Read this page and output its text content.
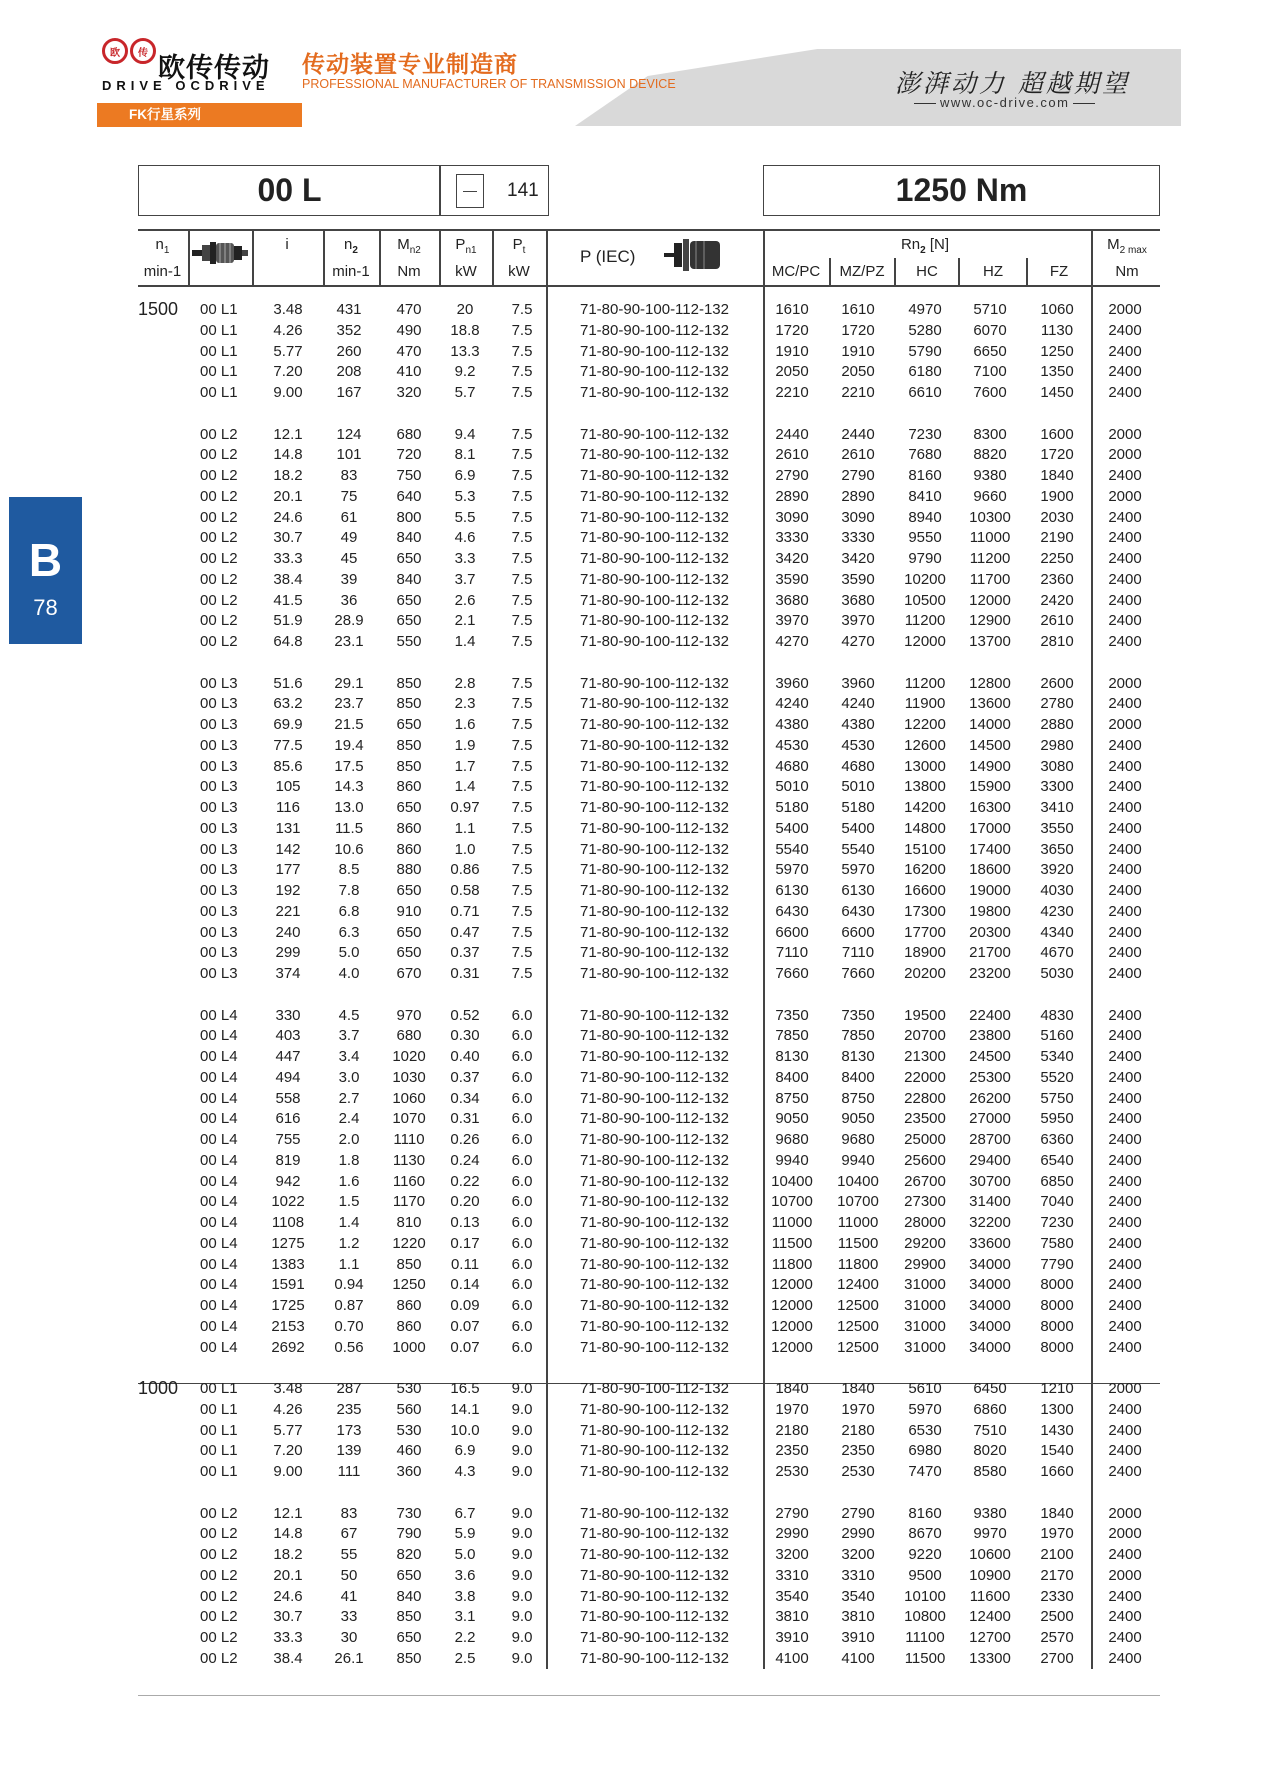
欧	传 欧传传动
DRIVE OCDRIVE
传动装置专业制造商
PROFESSIONAL MANUFACTURER OF TRANSMISSION DEVICE	澎湃动力 超越期望
www.oc-drive.com
FK行星系列
B
78
00 L	141	1250 Nm
$n_1$
min-1
i	$n_2$
min-1
$M_{n2}$
Nm
$P_{n1}$
kW
$P_t$
kW
P (IEC)
$Rn_2$ [N]
MC/PC	MZ/PZ	HC	HZ	FZ
$M_{2 max}$
Nm
1500 00 L1	3.48	431	470	20	7.5	71-80-90-100-112-132	1610	1610	4970	5710	1060	2000
00 L1	4.26	352	490	18.8	7.5	71-80-90-100-112-132	1720	1720	5280	6070	1130	2400
00 L1	5.77	260	470	13.3	7.5	71-80-90-100-112-132	1910	1910	5790	6650	1250	2400
00 L1	7.20	208	410	9.2	7.5	71-80-90-100-112-132	2050	2050	6180	7100	1350	2400
00 L1	9.00	167	320	5.7	7.5	71-80-90-100-112-132	2210	2210	6610	7600	1450	2400
00 L2	12.1	124	680	9.4	7.5	71-80-90-100-112-132	2440	2440	7230	8300	1600	2000
00 L2	14.8	101	720	8.1	7.5	71-80-90-100-112-132	2610	2610	7680	8820	1720	2000
00 L2	18.2	83	750	6.9	7.5	71-80-90-100-112-132	2790	2790	8160	9380	1840	2400
00 L2	20.1	75	640	5.3	7.5	71-80-90-100-112-132	2890	2890	8410	9660	1900	2000
00 L2	24.6	61	800	5.5	7.5	71-80-90-100-112-132	3090	3090	8940	10300	2030	2400
00 L2	30.7	49	840	4.6	7.5	71-80-90-100-112-132	3330	3330	9550	11000	2190	2400
00 L2	33.3	45	650	3.3	7.5	71-80-90-100-112-132	3420	3420	9790	11200	2250	2400
00 L2	38.4	39	840	3.7	7.5	71-80-90-100-112-132	3590	3590	10200	11700	2360	2400
00 L2	41.5	36	650	2.6	7.5	71-80-90-100-112-132	3680	3680	10500 12000	2420	2400
00 L2	51.9	28.9	650	2.1	7.5	71-80-90-100-112-132	3970	3970	11200	12900	2610	2400
00 L2	64.8	23.1	550	1.4	7.5	71-80-90-100-112-132	4270	4270	12000 13700	2810	2400
00 L3	51.6	29.1	850	2.8	7.5	71-80-90-100-112-132	3960	3960	11200	12800	2600	2000
00 L3	63.2	23.7	850	2.3	7.5	71-80-90-100-112-132	4240	4240	11900	13600	2780	2400
00 L3	69.9	21.5	650	1.6	7.5	71-80-90-100-112-132	4380	4380	12200 14000	2880	2000
00 L3	77.5	19.4	850	1.9	7.5	71-80-90-100-112-132	4530	4530	12600 14500	2980	2400
00 L3	85.6	17.5	850	1.7	7.5	71-80-90-100-112-132	4680	4680	13000 14900	3080	2400
00 L3	105	14.3	860	1.4	7.5	71-80-90-100-112-132	5010	5010	13800 15900	3300	2400
00 L3	116	13.0	650	0.97	7.5	71-80-90-100-112-132	5180	5180	14200 16300	3410	2400
00 L3	131	11.5	860	1.1	7.5	71-80-90-100-112-132	5400	5400	14800 17000	3550	2400
00 L3	142	10.6	860	1.0	7.5	71-80-90-100-112-132	5540	5540	15100 17400	3650	2400
00 L3	177	8.5	880	0.86	7.5	71-80-90-100-112-132	5970	5970	16200 18600	3920	2400
00 L3	192	7.8	650	0.58	7.5	71-80-90-100-112-132	6130	6130	16600 19000	4030	2400
00 L3	221	6.8	910	0.71	7.5	71-80-90-100-112-132	6430	6430	17300 19800	4230	2400
00 L3	240	6.3	650	0.47	7.5	71-80-90-100-112-132	6600	6600	17700 20300	4340	2400
00 L3	299	5.0	650	0.37	7.5	71-80-90-100-112-132	7110	7110	18900 21700	4670	2400
00 L3	374	4.0	670	0.31	7.5	71-80-90-100-112-132	7660	7660	20200 23200	5030	2400
00 L4	330	4.5	970	0.52	6.0	71-80-90-100-112-132	7350	7350	19500 22400	4830	2400
00 L4	403	3.7	680	0.30	6.0	71-80-90-100-112-132	7850	7850	20700 23800	5160	2400
00 L4	447	3.4	1020	0.40	6.0	71-80-90-100-112-132	8130	8130	21300 24500	5340	2400
00 L4	494	3.0	1030	0.37	6.0	71-80-90-100-112-132	8400	8400	22000 25300	5520	2400
00 L4	558	2.7	1060	0.34	6.0	71-80-90-100-112-132	8750	8750	22800 26200	5750	2400
00 L4	616	2.4	1070	0.31	6.0	71-80-90-100-112-132	9050	9050	23500 27000	5950	2400
00 L4	755	2.0	1110	0.26	6.0	71-80-90-100-112-132	9680	9680	25000 28700	6360	2400
00 L4	819	1.8	1130	0.24	6.0	71-80-90-100-112-132	9940	9940	25600 29400	6540	2400
00 L4	942	1.6	1160	0.22	6.0	71-80-90-100-112-132	10400 10400 26700 30700	6850	2400
00 L4	1022	1.5	1170	0.20	6.0	71-80-90-100-112-132	10700 10700 27300 31400	7040	2400
00 L4	1108	1.4	810	0.13	6.0	71-80-90-100-112-132	11000 11000 28000 32200	7230	2400
00 L4	1275	1.2	1220	0.17	6.0	71-80-90-100-112-132	11500 11500 29200 33600	7580	2400
00 L4	1383	1.1	850	0.11	6.0	71-80-90-100-112-132	11800 11800 29900 34000	7790	2400
00 L4	1591	0.94	1250	0.14	6.0	71-80-90-100-112-132	12000 12400 31000 34000	8000	2400
00 L4	1725	0.87	860	0.09	6.0	71-80-90-100-112-132	12000 12500 31000 34000	8000	2400
00 L4	2153	0.70	860	0.07	6.0	71-80-90-100-112-132	12000 12500 31000 34000	8000	2400
00 L4	2692	0.56	1000	0.07	6.0	71-80-90-100-112-132	12000 12500 31000 34000	8000	2400
1000 00 L1	3.48	287	530	16.5	9.0	71-80-90-100-112-132	1840	1840	5610	6450	1210	2000
00 L1	4.26	235	560	14.1	9.0	71-80-90-100-112-132	1970	1970	5970	6860	1300	2400
00 L1	5.77	173	530	10.0	9.0	71-80-90-100-112-132	2180	2180	6530	7510	1430	2400
00 L1	7.20	139	460	6.9	9.0	71-80-90-100-112-132	2350	2350	6980	8020	1540	2400
00 L1	9.00	111	360	4.3	9.0	71-80-90-100-112-132	2530	2530	7470	8580	1660	2400
00 L2	12.1	83	730	6.7	9.0	71-80-90-100-112-132	2790	2790	8160	9380	1840	2000
00 L2	14.8	67	790	5.9	9.0	71-80-90-100-112-132	2990	2990	8670	9970	1970	2000
00 L2	18.2	55	820	5.0	9.0	71-80-90-100-112-132	3200	3200	9220	10600	2100	2400
00 L2	20.1	50	650	3.6	9.0	71-80-90-100-112-132	3310	3310	9500	10900	2170	2000
00 L2	24.6	41	840	3.8	9.0	71-80-90-100-112-132	3540	3540	10100	11600	2330	2400
00 L2	30.7	33	850	3.1	9.0	71-80-90-100-112-132	3810	3810	10800 12400	2500	2400
00 L2	33.3	30	650	2.2	9.0	71-80-90-100-112-132	3910	3910	11100	12700	2570	2400
00 L2	38.4	26.1	850	2.5	9.0	71-80-90-100-112-132	4100	4100	11500	13300	2700	2400
